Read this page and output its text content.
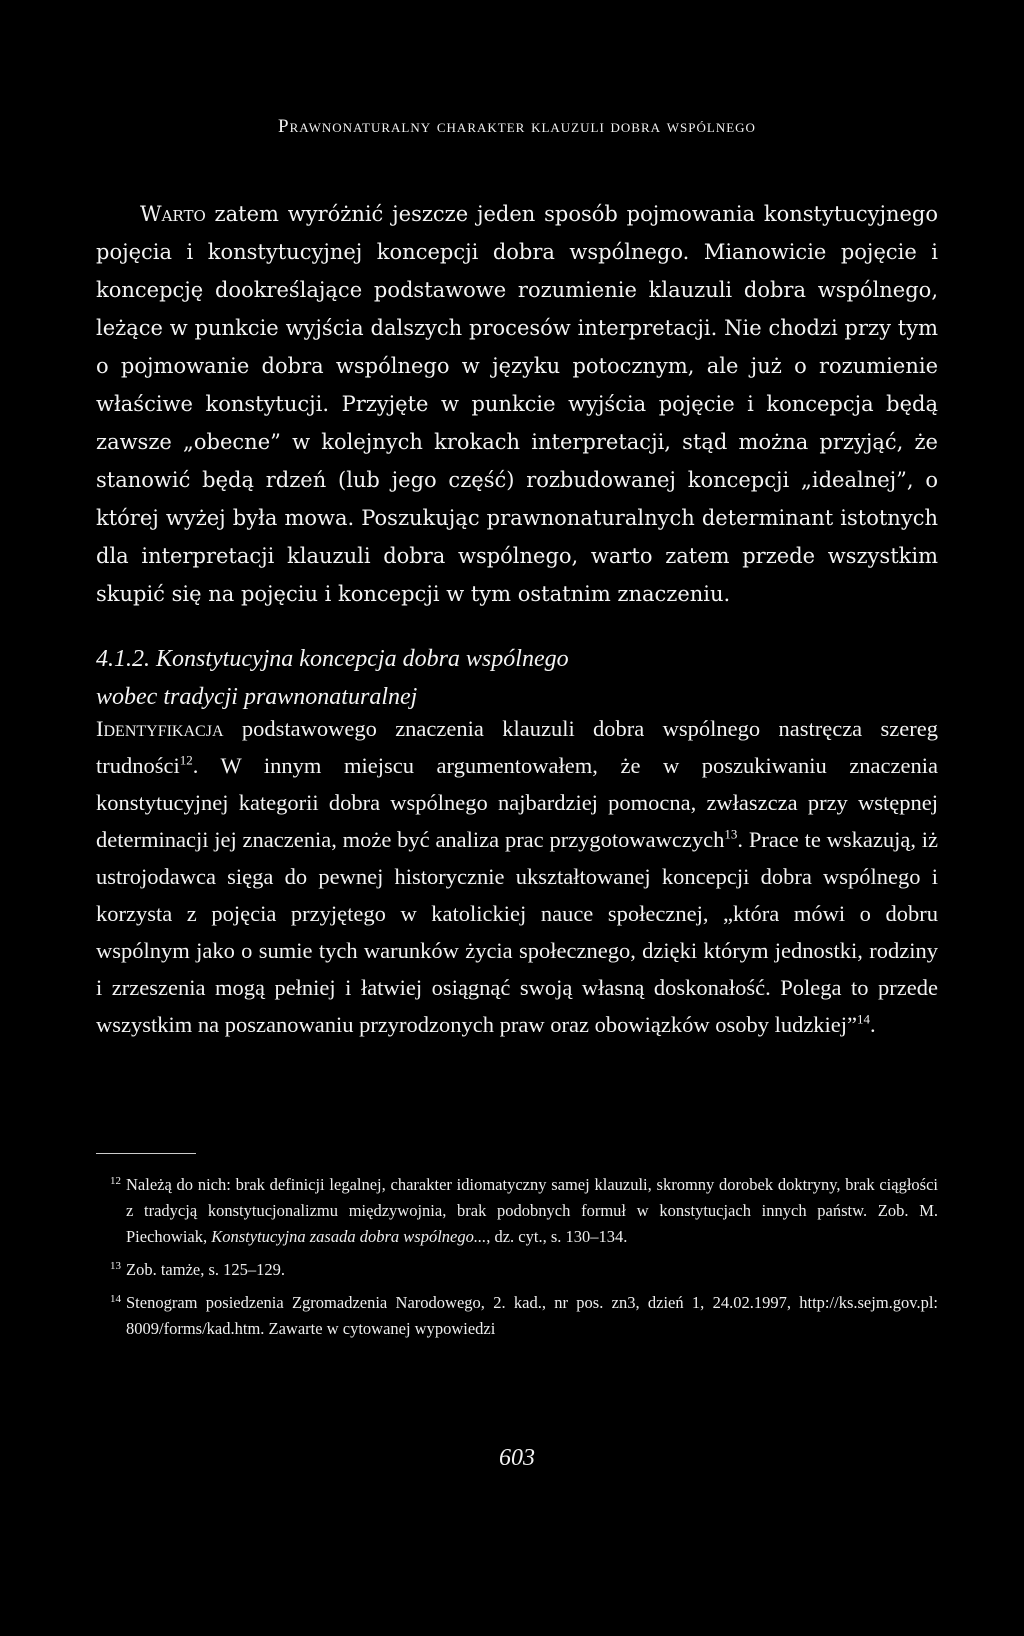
Prawnonaturalny charakter klauzuli dobra wspólnego

Warto zatem wyróżnić jeszcze jeden sposób pojmowania konstytucyjnego pojęcia i konstytucyjnej koncepcji dobra wspólnego. Mianowicie pojęcie i koncepcję dookreślające podstawowe rozumienie klauzuli dobra wspólnego, leżące w punkcie wyjścia dalszych procesów interpretacji. Nie chodzi przy tym o pojmowanie dobra wspólnego w języku potocznym, ale już o rozumienie właściwe konstytucji. Przyjęte w punkcie wyjścia pojęcie i koncepcja będą zawsze „obecne” w kolejnych krokach interpretacji, stąd można przyjąć, że stanowić będą rdzeń (lub jego część) rozbudowanej koncepcji „idealnej”, o której wyżej była mowa. Poszukując prawnonaturalnych determinant istotnych dla interpretacji klauzuli dobra wspólnego, warto zatem przede wszystkim skupić się na pojęciu i koncepcji w tym ostatnim znaczeniu.

4.1.2. Konstytucyjna koncepcja dobra wspólnego
wobec tradycji prawnonaturalnej

Identyfikacja podstawowego znaczenia klauzuli dobra wspólnego nastręcza szereg trudności$^{12}$. W innym miejscu argumentowałem, że w poszukiwaniu znaczenia konstytucyjnej kategorii dobra wspólnego najbardziej pomocna, zwłaszcza przy wstępnej determinacji jej znaczenia, może być analiza prac przygotowawczych$^{13}$. Prace te wskazują, iż ustrojodawca sięga do pewnej historycznie ukształtowanej koncepcji dobra wspólnego i korzysta z pojęcia przyjętego w katolickiej nauce społecznej, „która mówi o dobru wspólnym jako o sumie tych warunków życia społecznego, dzięki którym jednostki, rodziny i zrzeszenia mogą pełniej i łatwiej osiągnąć swoją własną doskonałość. Polega to przede wszystkim na poszanowaniu przyrodzonych praw oraz obowiązków osoby ludzkiej”$^{14}$.

12 Należą do nich: brak definicji legalnej, charakter idiomatyczny samej klauzuli, skromny dorobek doktryny, brak ciągłości z tradycją konstytucjonalizmu międzywojnia, brak podobnych formuł w konstytucjach innych państw. Zob. M. Piechowiak, Konstytucyjna zasada dobra wspólnego..., dz. cyt., s. 130–134.

13 Zob. tamże, s. 125–129.

14 Stenogram posiedzenia Zgromadzenia Narodowego, 2. kad., nr pos. zn3, dzień 1, 24.02.1997, http://ks.sejm.gov.pl: 8009/forms/kad.htm. Zawarte w cytowanej wypowiedzi

603
